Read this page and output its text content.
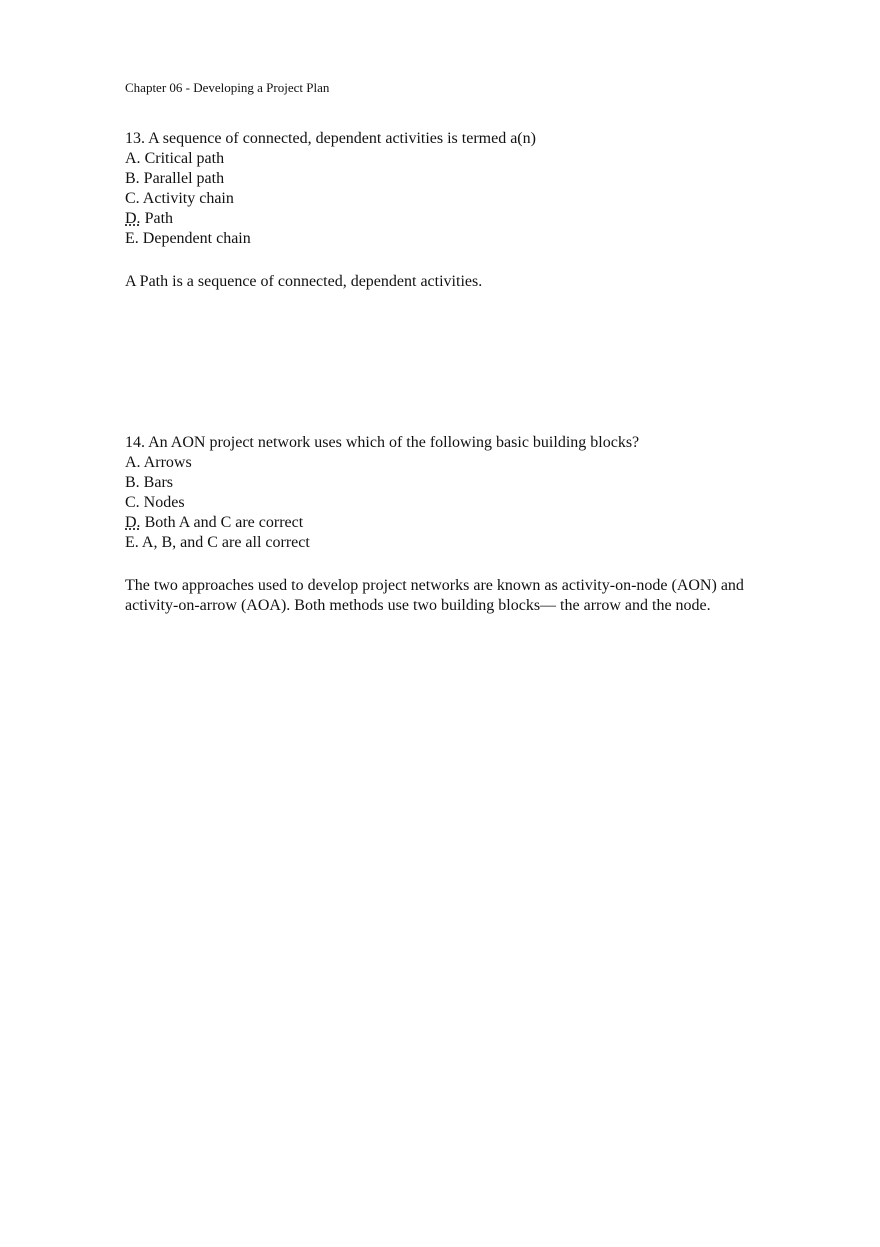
Chapter 06 - Developing a Project Plan

13. A sequence of connected, dependent activities is termed a(n)

A. Critical path
B. Parallel path
C. Activity chain
D. Path
E. Dependent chain

A Path is a sequence of connected, dependent activities.

14. An AON project network uses which of the following basic building blocks?

A. Arrows
B. Bars
C. Nodes
D. Both A and C are correct
E. A, B, and C are all correct

The two approaches used to develop project networks are known as activity-on-node (AON) and activity-on-arrow (AOA). Both methods use two building blocks— the arrow and the node.
